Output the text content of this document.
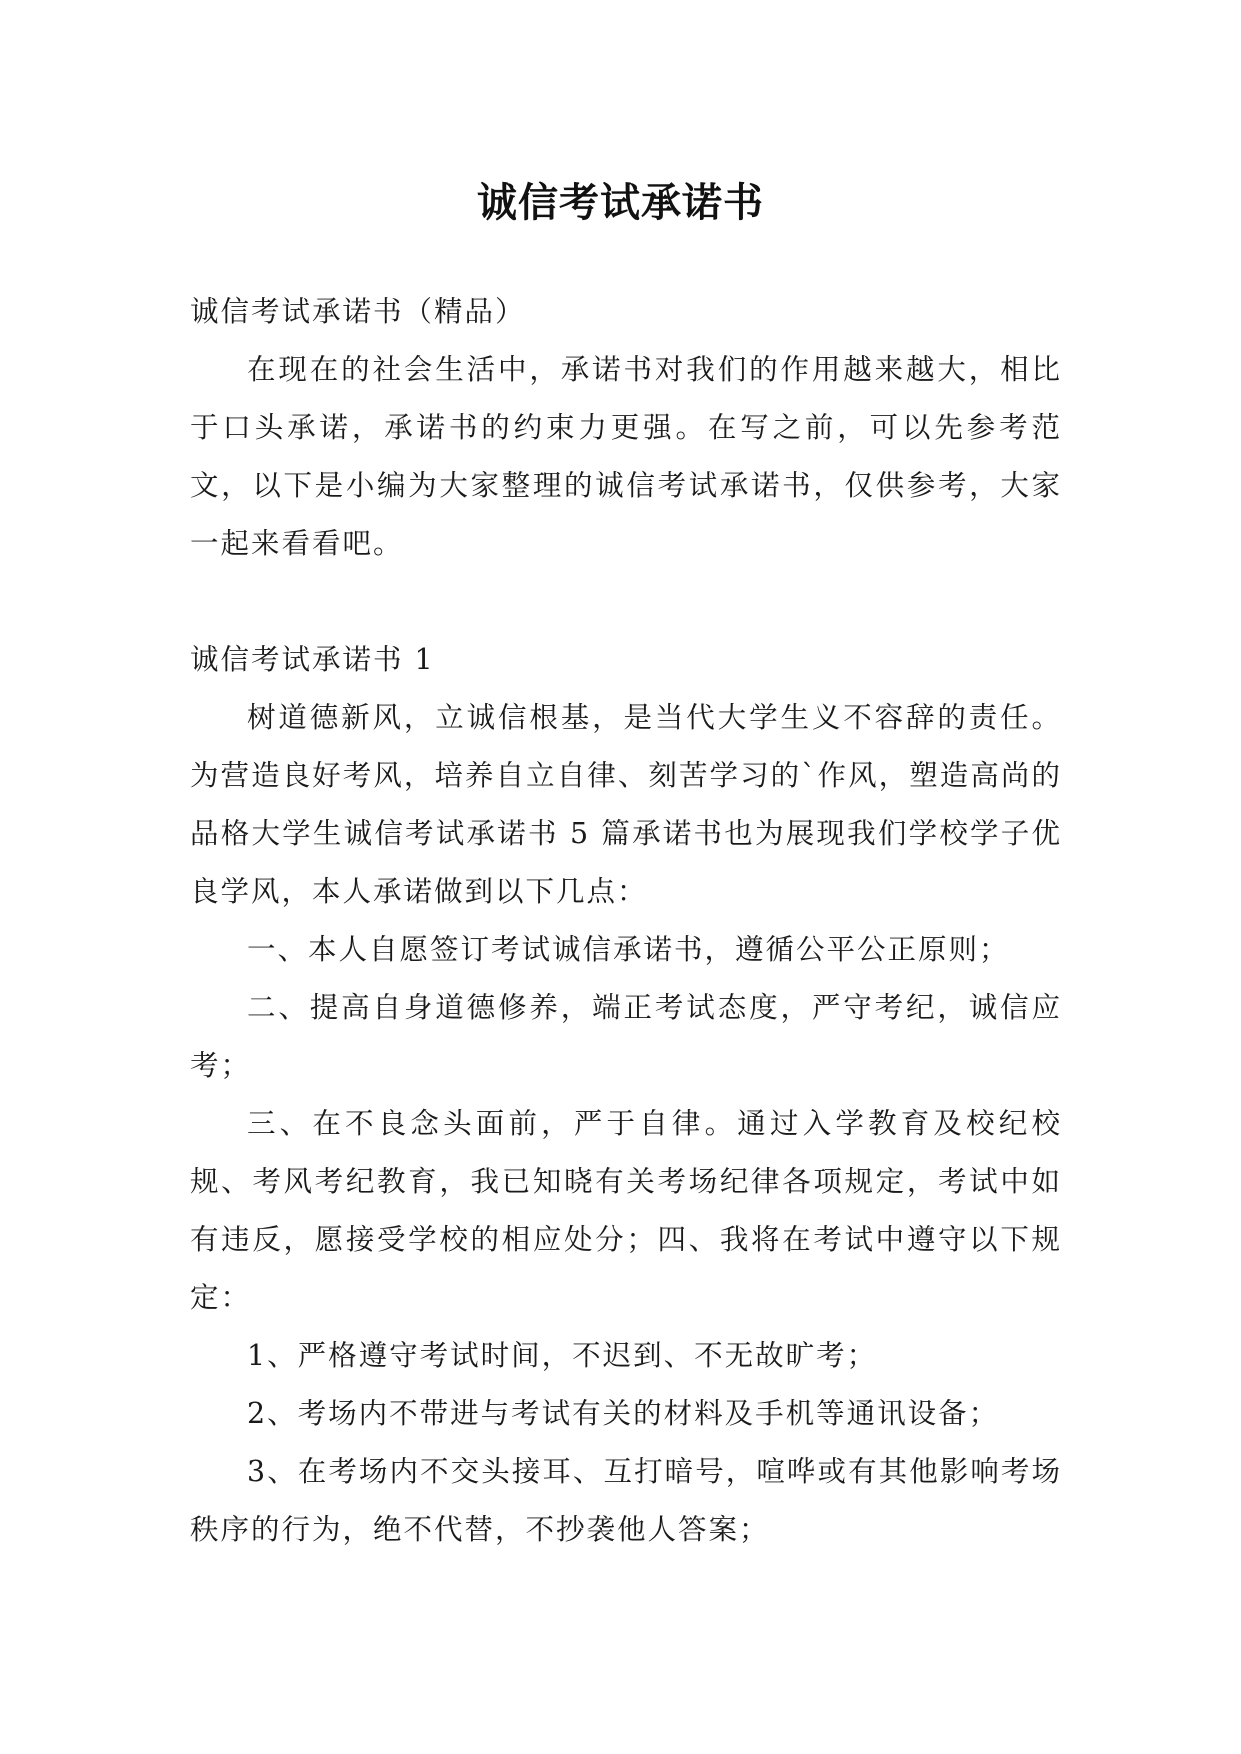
诚信考试承诺书

诚信考试承诺书（精品）

在现在的社会生活中，承诺书对我们的作用越来越大，相比于口头承诺，承诺书的约束力更强。在写之前，可以先参考范文，以下是小编为大家整理的诚信考试承诺书，仅供参考，大家一起来看看吧。

诚信考试承诺书 1

树道德新风，立诚信根基，是当代大学生义不容辞的责任。为营造良好考风，培养自立自律、刻苦学习的`作风，塑造高尚的品格大学生诚信考试承诺书 5 篇承诺书也为展现我们学校学子优良学风，本人承诺做到以下几点：

一、本人自愿签订考试诚信承诺书，遵循公平公正原则；

二、提高自身道德修养，端正考试态度，严守考纪，诚信应考；

三、在不良念头面前，严于自律。通过入学教育及校纪校规、考风考纪教育，我已知晓有关考场纪律各项规定，考试中如有违反，愿接受学校的相应处分；四、我将在考试中遵守以下规定：

1、严格遵守考试时间，不迟到、不无故旷考；

2、考场内不带进与考试有关的材料及手机等通讯设备；

3、在考场内不交头接耳、互打暗号，喧哗或有其他影响考场秩序的行为，绝不代替，不抄袭他人答案；
